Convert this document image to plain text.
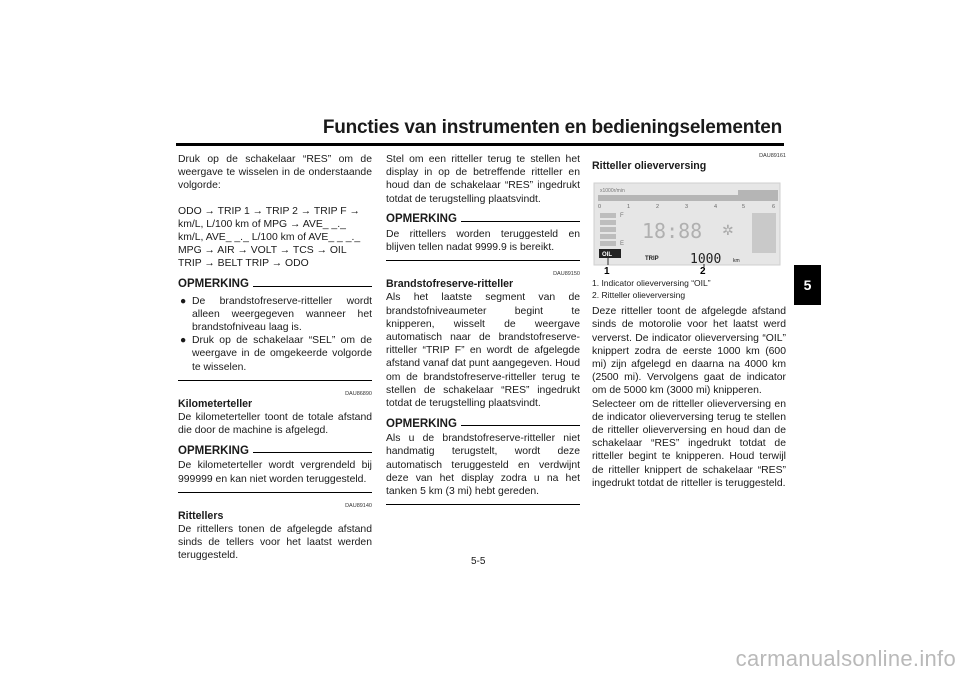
Functies van instrumenten en bedieningselementen
5

Druk op de schakelaar “RES” om de weergave te wisselen in de onderstaande volgorde:

ODO → TRIP 1 → TRIP 2 → TRIP F → km/L, L/100 km of MPG → AVE_ _._ km/L, AVE_ _._ L/100 km of AVE_ _ _._ MPG → AIR → VOLT → TCS → OIL TRIP → BELT TRIP → ODO

OPMERKING
● De brandstofreserve-ritteller wordt alleen weergegeven wanneer het brandstofniveau laag is.
● Druk op de schakelaar “SEL” om de weergave in de omgekeerde volgorde te wisselen.
DAU86890
Kilometerteller

De kilometerteller toont de totale afstand die door de machine is afgelegd.

OPMERKING

De kilometerteller wordt vergrendeld bij 999999 en kan niet worden teruggesteld.

DAU89140
Rittellers

De rittellers tonen de afgelegde afstand sinds de tellers voor het laatst werden teruggesteld.

Stel om een ritteller terug te stellen het display in op de betreffende ritteller en houd dan de schakelaar “RES” ingedrukt totdat de terugstelling plaatsvindt.

OPMERKING

De rittellers worden teruggesteld en blijven tellen nadat 9999.9 is bereikt.

DAU89150
Brandstofreserve-ritteller

Als het laatste segment van de brandstofniveaumeter begint te knipperen, wisselt de weergave automatisch naar de brandstofreserve-ritteller “TRIP F” en wordt de afgelegde afstand vanaf dat punt aangegeven. Houd om de brandstofreserve-ritteller terug te stellen de schakelaar “RES” ingedrukt totdat de terugstelling plaatsvindt.

OPMERKING

Als u de brandstofreserve-ritteller niet handmatig terugstelt, wordt deze automatisch teruggesteld en verdwijnt deze van het display zodra u na het tanken 5 km (3 mi) hebt gereden.

DAU89161
Ritteller olieverversing
x1000r/min
0	1	2	3	4	5	6
F
E
18:88 ✲
OIL
TRIP 1000 km
1	2
1. Indicator olieverversing “OIL”
2. Ritteller olieverversing

Deze ritteller toont de afgelegde afstand sinds de motorolie voor het laatst werd ververst. De indicator olieverversing “OIL” knippert zodra de eerste 1000 km (600 mi) zijn afgelegd en daarna na 4000 km (2500 mi). Vervolgens gaat de indicator om de 5000 km (3000 mi) knipperen.

Selecteer om de ritteller olieverversing en de indicator olieverversing terug te stellen de ritteller olieverversing en houd dan de schakelaar “RES” ingedrukt totdat de ritteller begint te knipperen. Houd terwijl de ritteller knippert de schakelaar “RES” ingedrukt totdat de ritteller is teruggesteld.

5-5
carmanualsonline.info
